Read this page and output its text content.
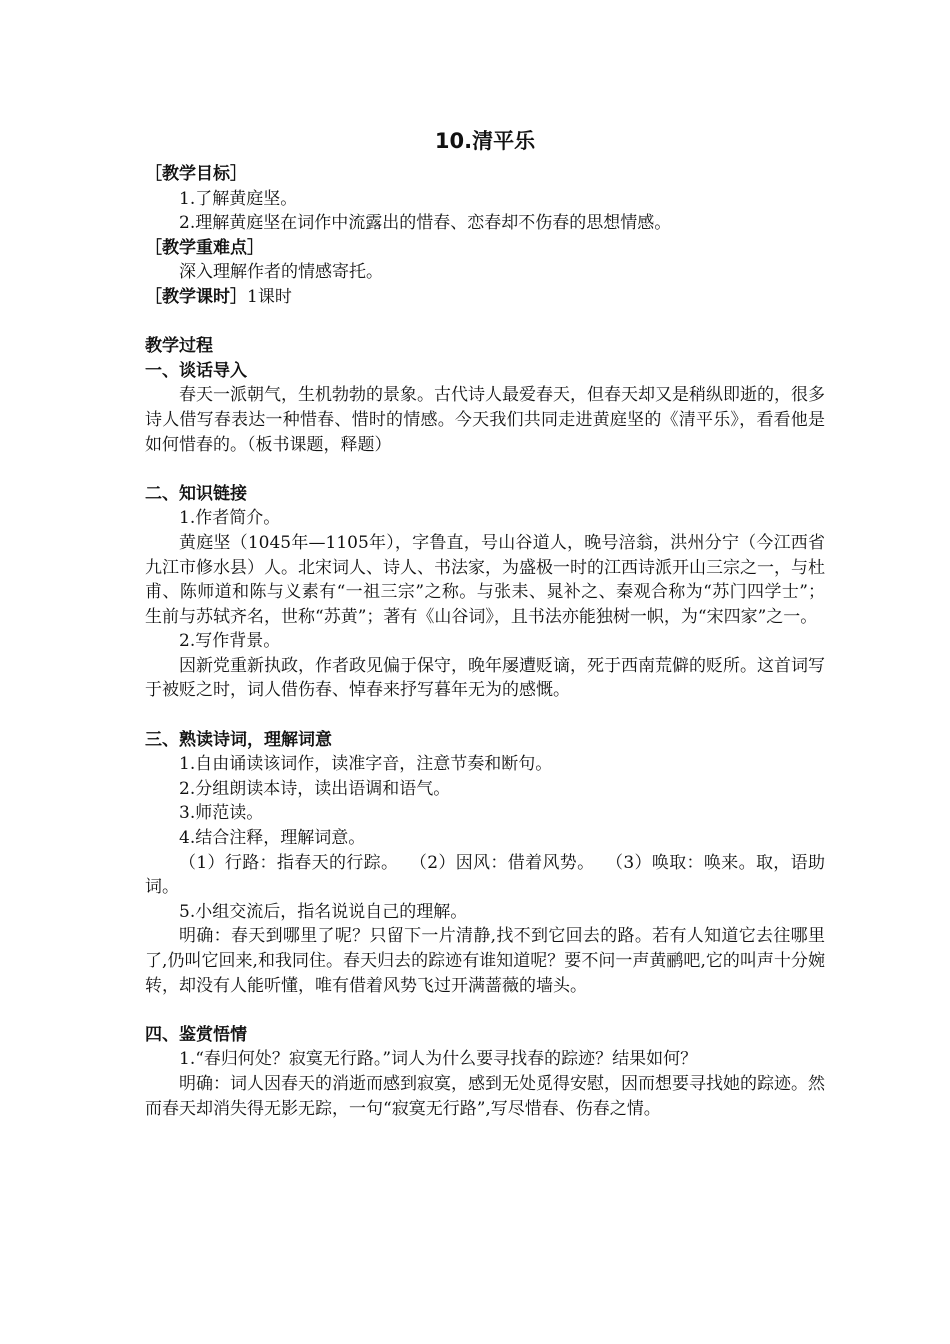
10.清平乐

［教学目标］

1.了解黄庭坚。

2.理解黄庭坚在词作中流露出的惜春、恋春却不伤春的思想情感。

［教学重难点］

深入理解作者的情感寄托。

［教学课时］1课时

教学过程

一、谈话导入

春天一派朝气，生机勃勃的景象。古代诗人最爱春天，但春天却又是稍纵即逝的，很多诗人借写春表达一种惜春、惜时的情感。今天我们共同走进黄庭坚的《清平乐》，看看他是如何惜春的。（板书课题，释题）

二、知识链接

1.作者简介。

黄庭坚（1045年—1105年），字鲁直，号山谷道人，晚号涪翁，洪州分宁（今江西省九江市修水县）人。北宋词人、诗人、书法家，为盛极一时的江西诗派开山三宗之一，与杜甫、陈师道和陈与义素有“一祖三宗”之称。与张耒、晁补之、秦观合称为“苏门四学士”；生前与苏轼齐名，世称“苏黄”；著有《山谷词》，且书法亦能独树一帜，为“宋四家”之一。

2.写作背景。

因新党重新执政，作者政见偏于保守，晚年屡遭贬谪，死于西南荒僻的贬所。这首词写于被贬之时，词人借伤春、悼春来抒写暮年无为的感慨。

三、熟读诗词，理解词意

1.自由诵读该词作，读准字音，注意节奏和断句。

2.分组朗读本诗，读出语调和语气。

3.师范读。

4.结合注释，理解词意。

（1）行路：指春天的行踪。  （2）因风：借着风势。  （3）唤取：唤来。取，语助词。

5.小组交流后，指名说说自己的理解。

明确：春天到哪里了呢？只留下一片清静,找不到它回去的路。若有人知道它去往哪里了,仍叫它回来,和我同住。春天归去的踪迹有谁知道呢？要不问一声黄鹂吧,它的叫声十分婉转，却没有人能听懂，唯有借着风势飞过开满蔷薇的墙头。

四、鉴赏悟情

1.“春归何处？寂寞无行路。”词人为什么要寻找春的踪迹？结果如何？

明确：词人因春天的消逝而感到寂寞，感到无处觅得安慰，因而想要寻找她的踪迹。然而春天却消失得无影无踪，一句“寂寞无行路”,写尽惜春、伤春之情。
